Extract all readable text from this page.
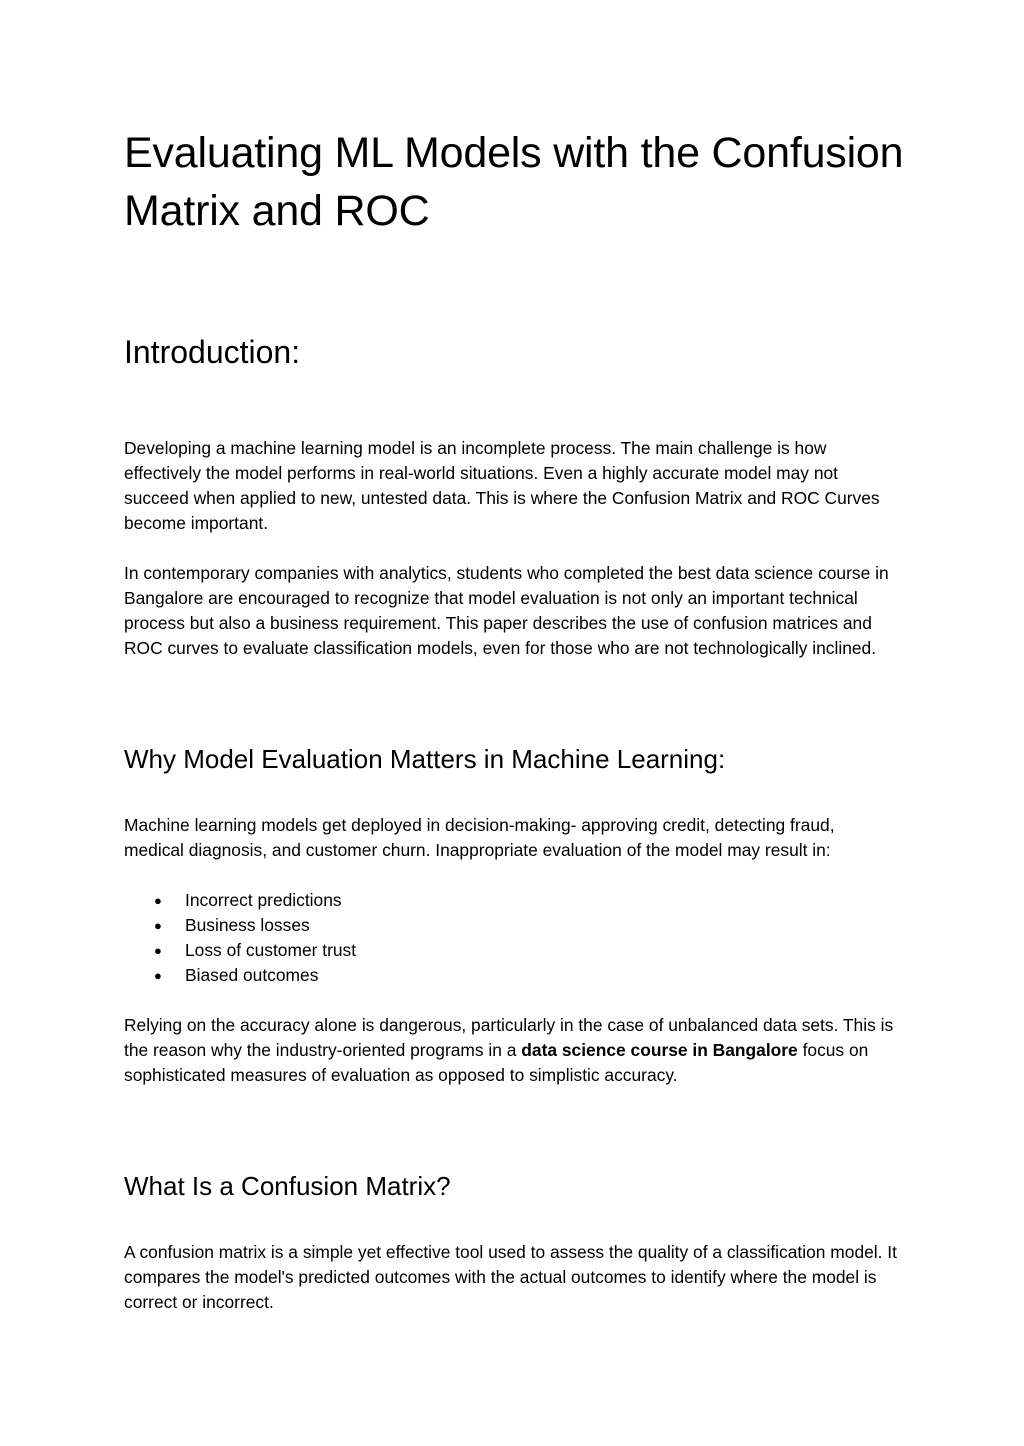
Evaluating ML Models with the Confusion Matrix and ROC
Introduction:

Developing a machine learning model is an incomplete process. The main challenge is how effectively the model performs in real-world situations. Even a highly accurate model may not succeed when applied to new, untested data. This is where the Confusion Matrix and ROC Curves become important.

In contemporary companies with analytics, students who completed the best data science course in Bangalore are encouraged to recognize that model evaluation is not only an important technical process but also a business requirement. This paper describes the use of confusion matrices and ROC curves to evaluate classification models, even for those who are not technologically inclined.

Why Model Evaluation Matters in Machine Learning:

Machine learning models get deployed in decision-making- approving credit, detecting fraud, medical diagnosis, and customer churn. Inappropriate evaluation of the model may result in:

● Incorrect predictions
● Business losses
● Loss of customer trust
● Biased outcomes

Relying on the accuracy alone is dangerous, particularly in the case of unbalanced data sets. This is the reason why the industry-oriented programs in a data science course in Bangalore focus on sophisticated measures of evaluation as opposed to simplistic accuracy.

What Is a Confusion Matrix?

A confusion matrix is a simple yet effective tool used to assess the quality of a classification model. It compares the model's predicted outcomes with the actual outcomes to identify where the model is correct or incorrect.
